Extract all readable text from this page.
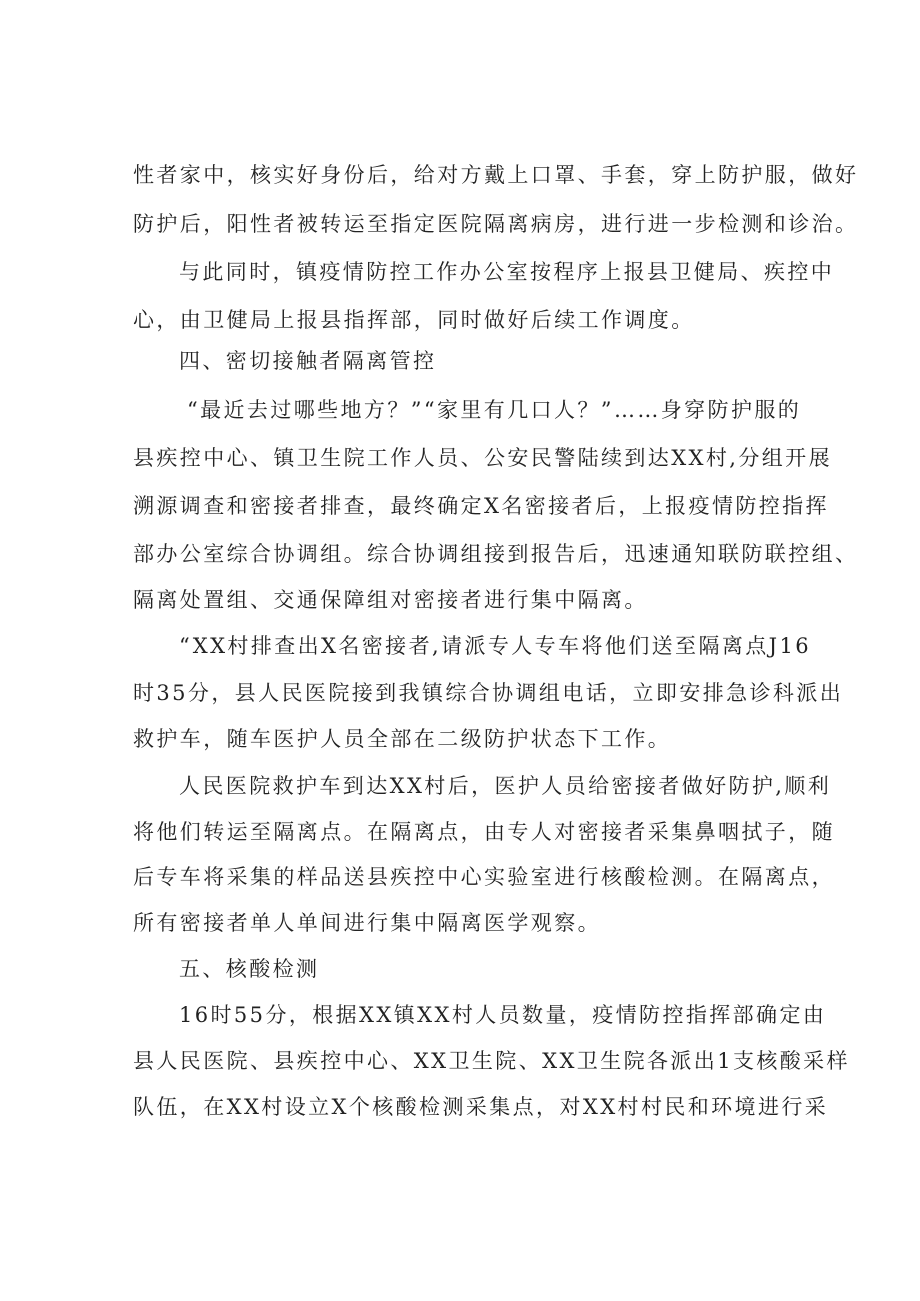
性者家中，核实好身份后，给对方戴上口罩、手套，穿上防护服，做好
防护后，阳性者被转运至指定医院隔离病房，进行进一步检测和诊治。
与此同时，镇疫情防控工作办公室按程序上报县卫健局、疾控中
心，由卫健局上报县指挥部，同时做好后续工作调度。
四、密切接触者隔离管控
“最近去过哪些地方？”“家里有几口人？”……身穿防护服的
县疾控中心、镇卫生院工作人员、公安民警陆续到达XX村,分组开展
溯源调查和密接者排查，最终确定X名密接者后，上报疫情防控指挥
部办公室综合协调组。综合协调组接到报告后，迅速通知联防联控组、
隔离处置组、交通保障组对密接者进行集中隔离。
“XX村排查出X名密接者,请派专人专车将他们送至隔离点J16
时35分，县人民医院接到我镇综合协调组电话，立即安排急诊科派出
救护车，随车医护人员全部在二级防护状态下工作。
人民医院救护车到达XX村后，医护人员给密接者做好防护,顺利
将他们转运至隔离点。在隔离点，由专人对密接者采集鼻咽拭子，随
后专车将采集的样品送县疾控中心实验室进行核酸检测。在隔离点，
所有密接者单人单间进行集中隔离医学观察。
五、核酸检测
16时55分，根据XX镇XX村人员数量，疫情防控指挥部确定由
县人民医院、县疾控中心、XX卫生院、XX卫生院各派出1支核酸采样
队伍，在XX村设立X个核酸检测采集点，对XX村村民和环境进行采
